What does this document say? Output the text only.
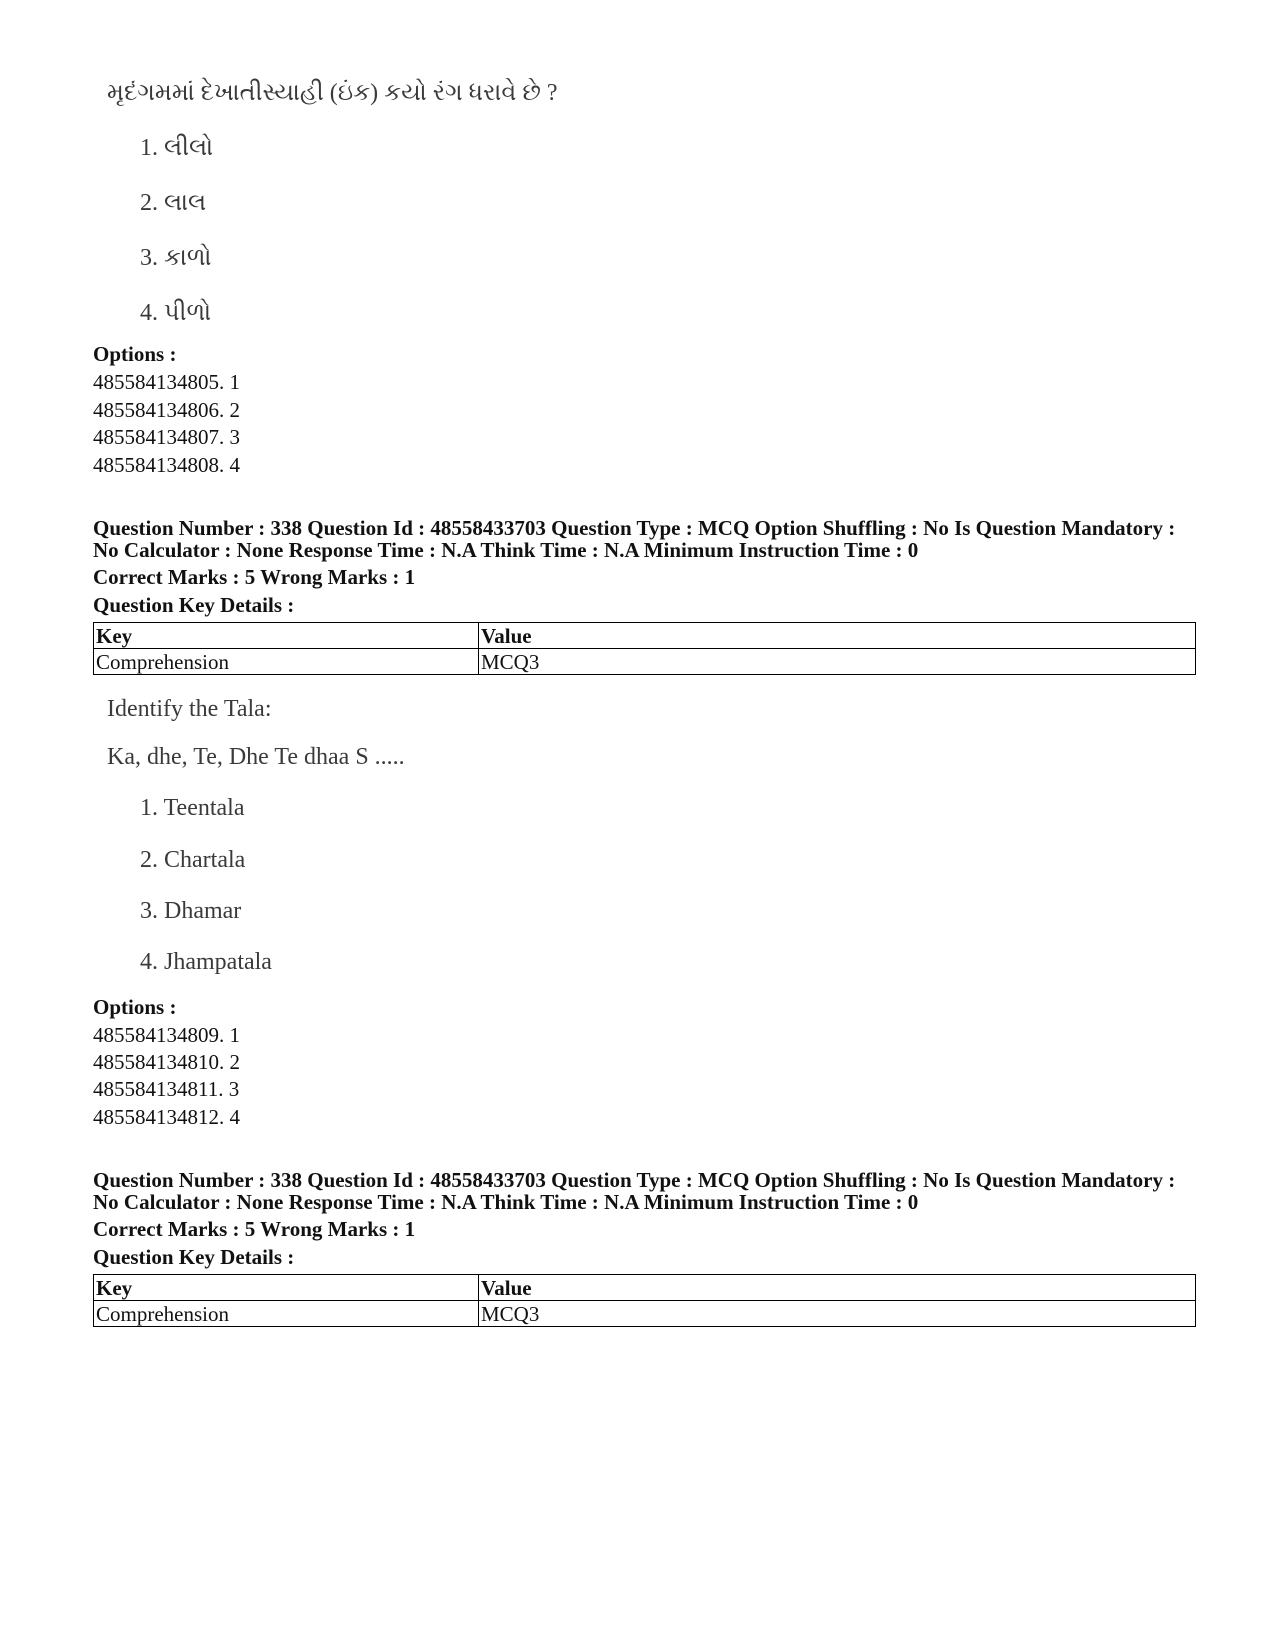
મૃદંગમમાં દેખાતીસ્યાહી (ઇંક) કયો રંગ ધરાવે છે ?
1. લીલો
2. લાલ
3. કાળો
4. પીળો
Options :
485584134805. 1
485584134806. 2
485584134807. 3
485584134808. 4
Question Number : 338 Question Id : 48558433703 Question Type : MCQ Option Shuffling : No Is Question Mandatory :
No Calculator : None Response Time : N.A Think Time : N.A Minimum Instruction Time : 0
Correct Marks : 5 Wrong Marks : 1
Question Key Details :
Key	Value
Comprehension	MCQ3
Identify the Tala:
Ka, dhe, Te, Dhe Te dhaa S .....
1. Teentala
2. Chartala
3. Dhamar
4. Jhampatala
Options :
485584134809. 1
485584134810. 2
485584134811. 3
485584134812. 4
Question Number : 338 Question Id : 48558433703 Question Type : MCQ Option Shuffling : No Is Question Mandatory :
No Calculator : None Response Time : N.A Think Time : N.A Minimum Instruction Time : 0
Correct Marks : 5 Wrong Marks : 1
Question Key Details :
Key	Value
Comprehension	MCQ3
